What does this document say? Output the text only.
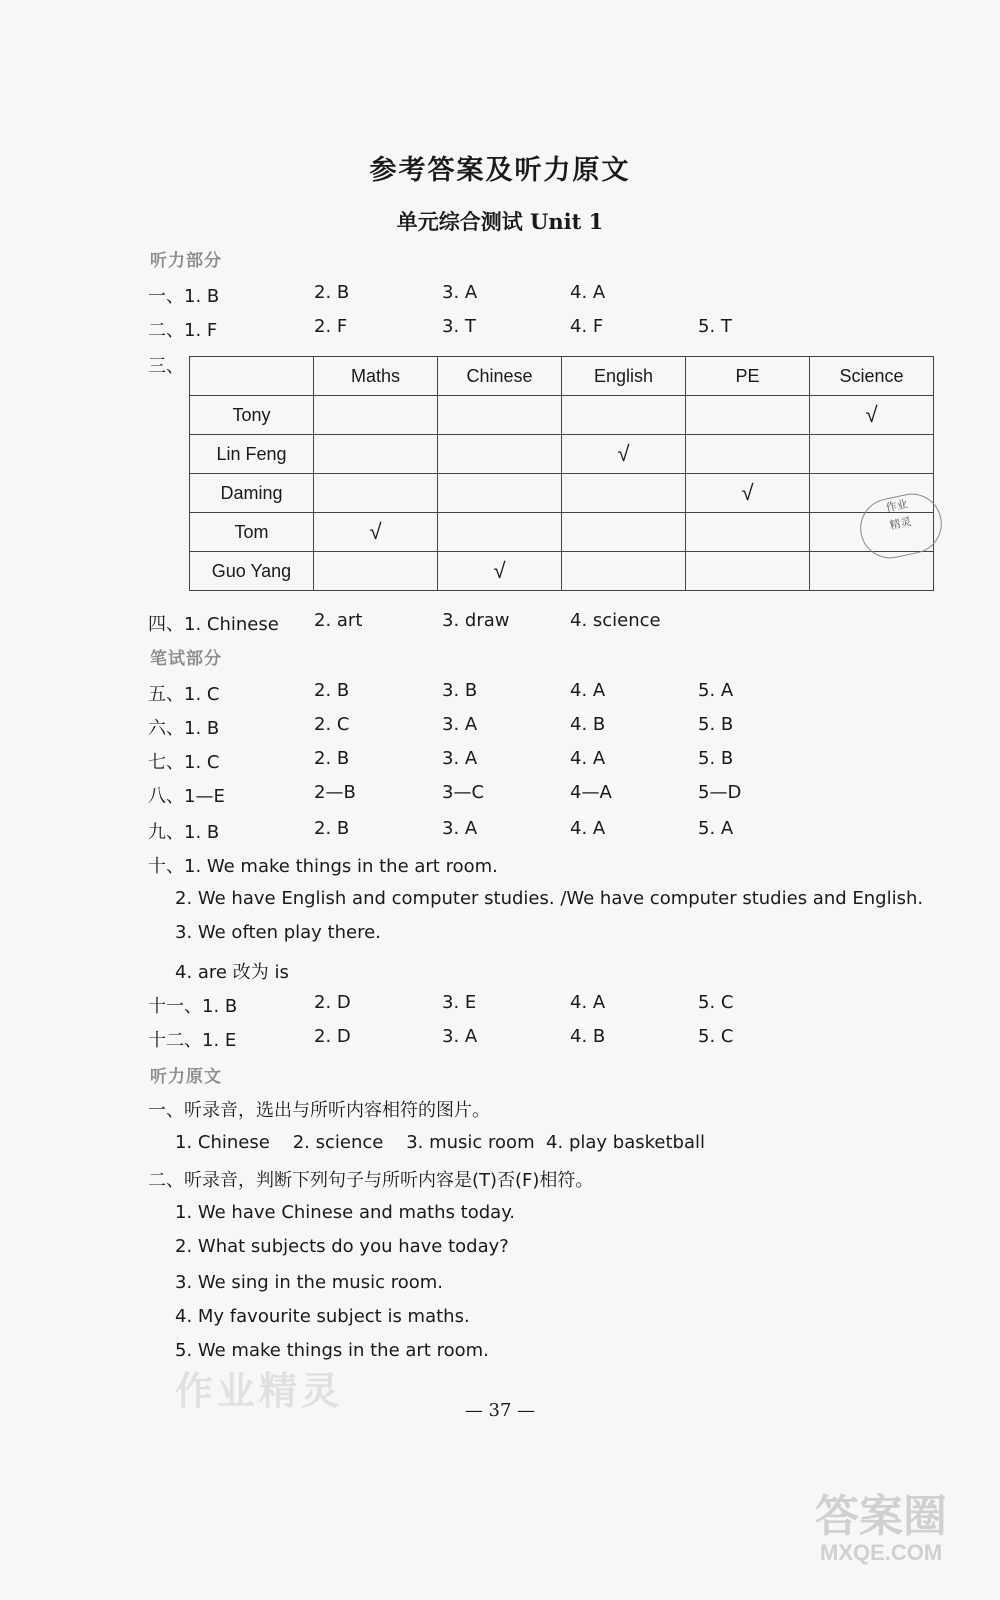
参考答案及听力原文
单元综合测试 Unit 1
听力部分
一、1. B	2. B	3. A	4. A
二、1. F	2. F	3. T	4. F	5. T
三、
		Maths	Chinese	English	PE	Science
Tony					√
Lin Feng			√		
Daming				√	
Tom	√				
Guo Yang		√			
作业
精灵
四、1. Chinese 2. art	3. draw	4. science
笔试部分
五、1. C	2. B	3. B	4. A	5. A
六、1. B	2. C	3. A	4. B	5. B
七、1. C	2. B	3. A	4. A	5. B
八、1—E	2—B	3—C	4—A	5—D
九、1. B	2. B	3. A	4. A	5. A
十、1. We make things in the art room.
2. We have English and computer studies. /We have computer studies and English.
3. We often play there.
4. are 改为 is
十一、1. B	2. D	3. E	4. A	5. C
十二、1. E	2. D	3. A	4. B	5. C
听力原文
一、听录音，选出与所听内容相符的图片。
1. Chinese    2. science    3. music room  4. play basketball
二、听录音，判断下列句子与所听内容是(T)否(F)相符。
1. We have Chinese and maths today.
2. What subjects do you have today?
3. We sing in the music room.
4. My favourite subject is maths.
5. We make things in the art room.
作业精灵	— 37 —
答案圈
MXQE.COM
